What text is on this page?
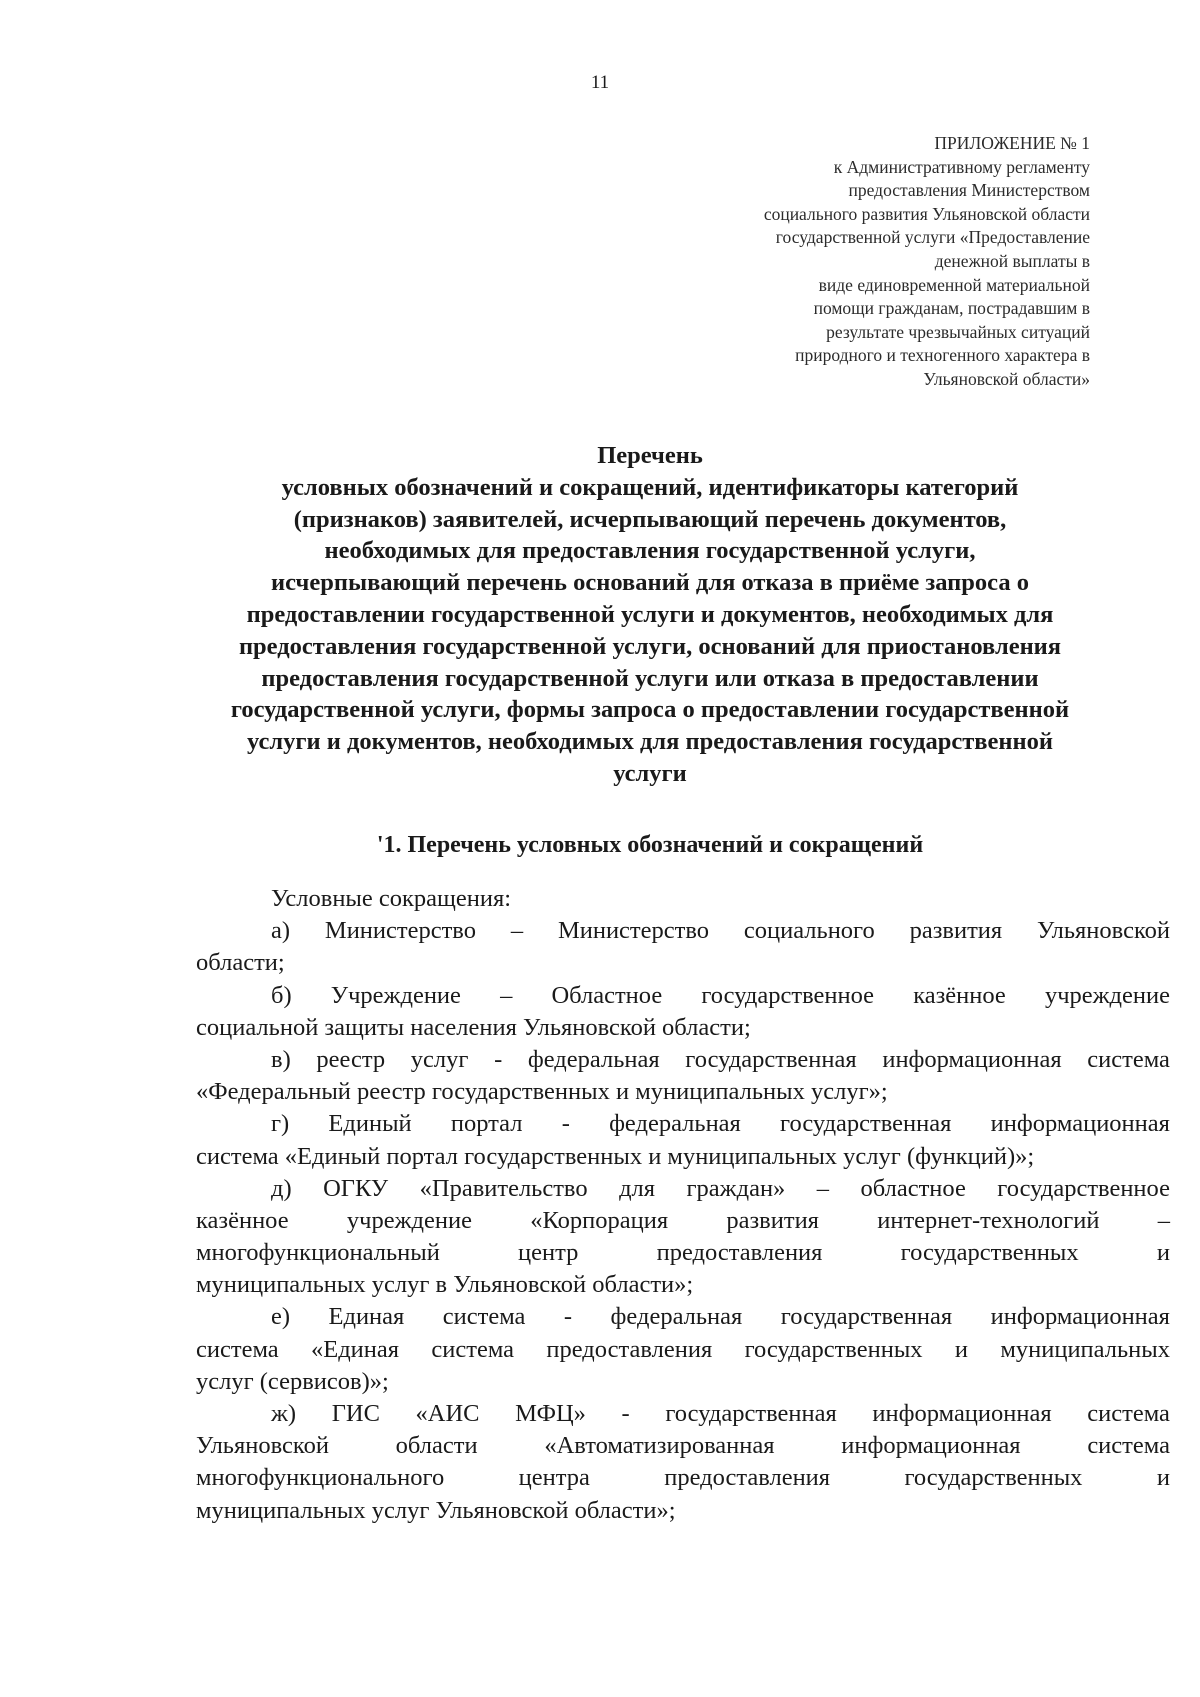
11
ПРИЛОЖЕНИЕ № 1
к Административному регламенту
предоставления Министерством
социального развития Ульяновской области
государственной услуги «Предоставление
денежной выплаты в
виде единовременной материальной
помощи гражданам, пострадавшим в
результате чрезвычайных ситуаций
природного и техногенного характера в
Ульяновской области»
Перечень
условных обозначений и сокращений, идентификаторы категорий
(признаков) заявителей, исчерпывающий перечень документов,
необходимых для предоставления государственной услуги,
исчерпывающий перечень оснований для отказа в приёме запроса о
предоставлении государственной услуги и документов, необходимых для
предоставления государственной услуги, оснований для приостановления
предоставления государственной услуги или отказа в предоставлении
государственной услуги, формы запроса о предоставлении государственной
услуги и документов, необходимых для предоставления государственной
услуги
'1. Перечень условных обозначений и сокращений
Условные сокращения:
а) Министерство – Министерство социального развития Ульяновской
области;
б) Учреждение – Областное государственное казённое учреждение
социальной защиты населения Ульяновской области;
в) реестр услуг - федеральная государственная информационная система
«Федеральный реестр государственных и муниципальных услуг»;
г) Единый портал - федеральная государственная информационная
система «Единый портал государственных и муниципальных услуг (функций)»;
д) ОГКУ «Правительство для граждан» – областное государственное
казённое учреждение «Корпорация развития интернет-технологий –
многофункциональный	центр	предоставления	государственных	и
муниципальных услуг в Ульяновской области»;
е) Единая система - федеральная государственная информационная
система «Единая система предоставления государственных и муниципальных
услуг (сервисов)»;
ж) ГИС «АИС МФЦ» - государственная информационная система
Ульяновской	области	«Автоматизированная	информационная	система
многофункционального	центра	предоставления	государственных	и
муниципальных услуг Ульяновской области»;
